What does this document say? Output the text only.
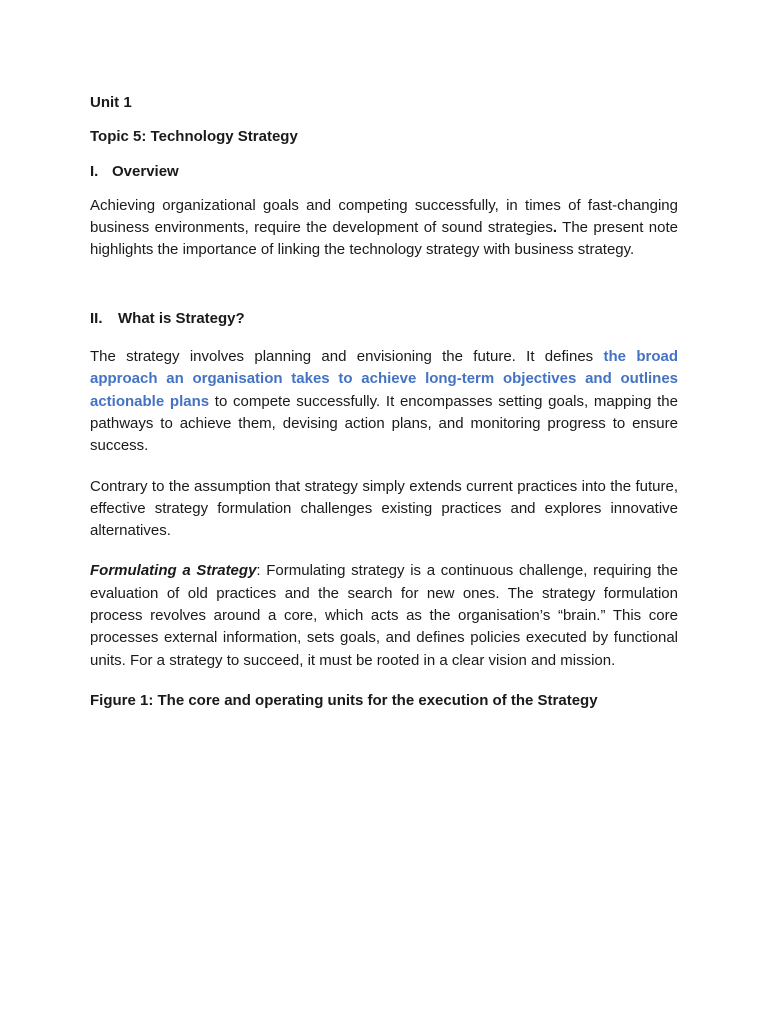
Unit 1

Topic 5: Technology Strategy

I. Overview

Achieving organizational goals and competing successfully, in times of fast-changing business environments, require the development of sound strategies. The present note highlights the importance of linking the technology strategy with business strategy.

II.	What is Strategy?

The strategy involves planning and envisioning the future. It defines the broad approach an organisation takes to achieve long-term objectives and outlines actionable plans to compete successfully. It encompasses setting goals, mapping the pathways to achieve them, devising action plans, and monitoring progress to ensure success.

Contrary to the assumption that strategy simply extends current practices into the future, effective strategy formulation challenges existing practices and explores innovative alternatives.

Formulating a Strategy: Formulating strategy is a continuous challenge, requiring the evaluation of old practices and the search for new ones. The strategy formulation process revolves around a core, which acts as the organisation’s “brain.” This core processes external information, sets goals, and defines policies executed by functional units. For a strategy to succeed, it must be rooted in a clear vision and mission.

Figure 1: The core and operating units for the execution of the Strategy
